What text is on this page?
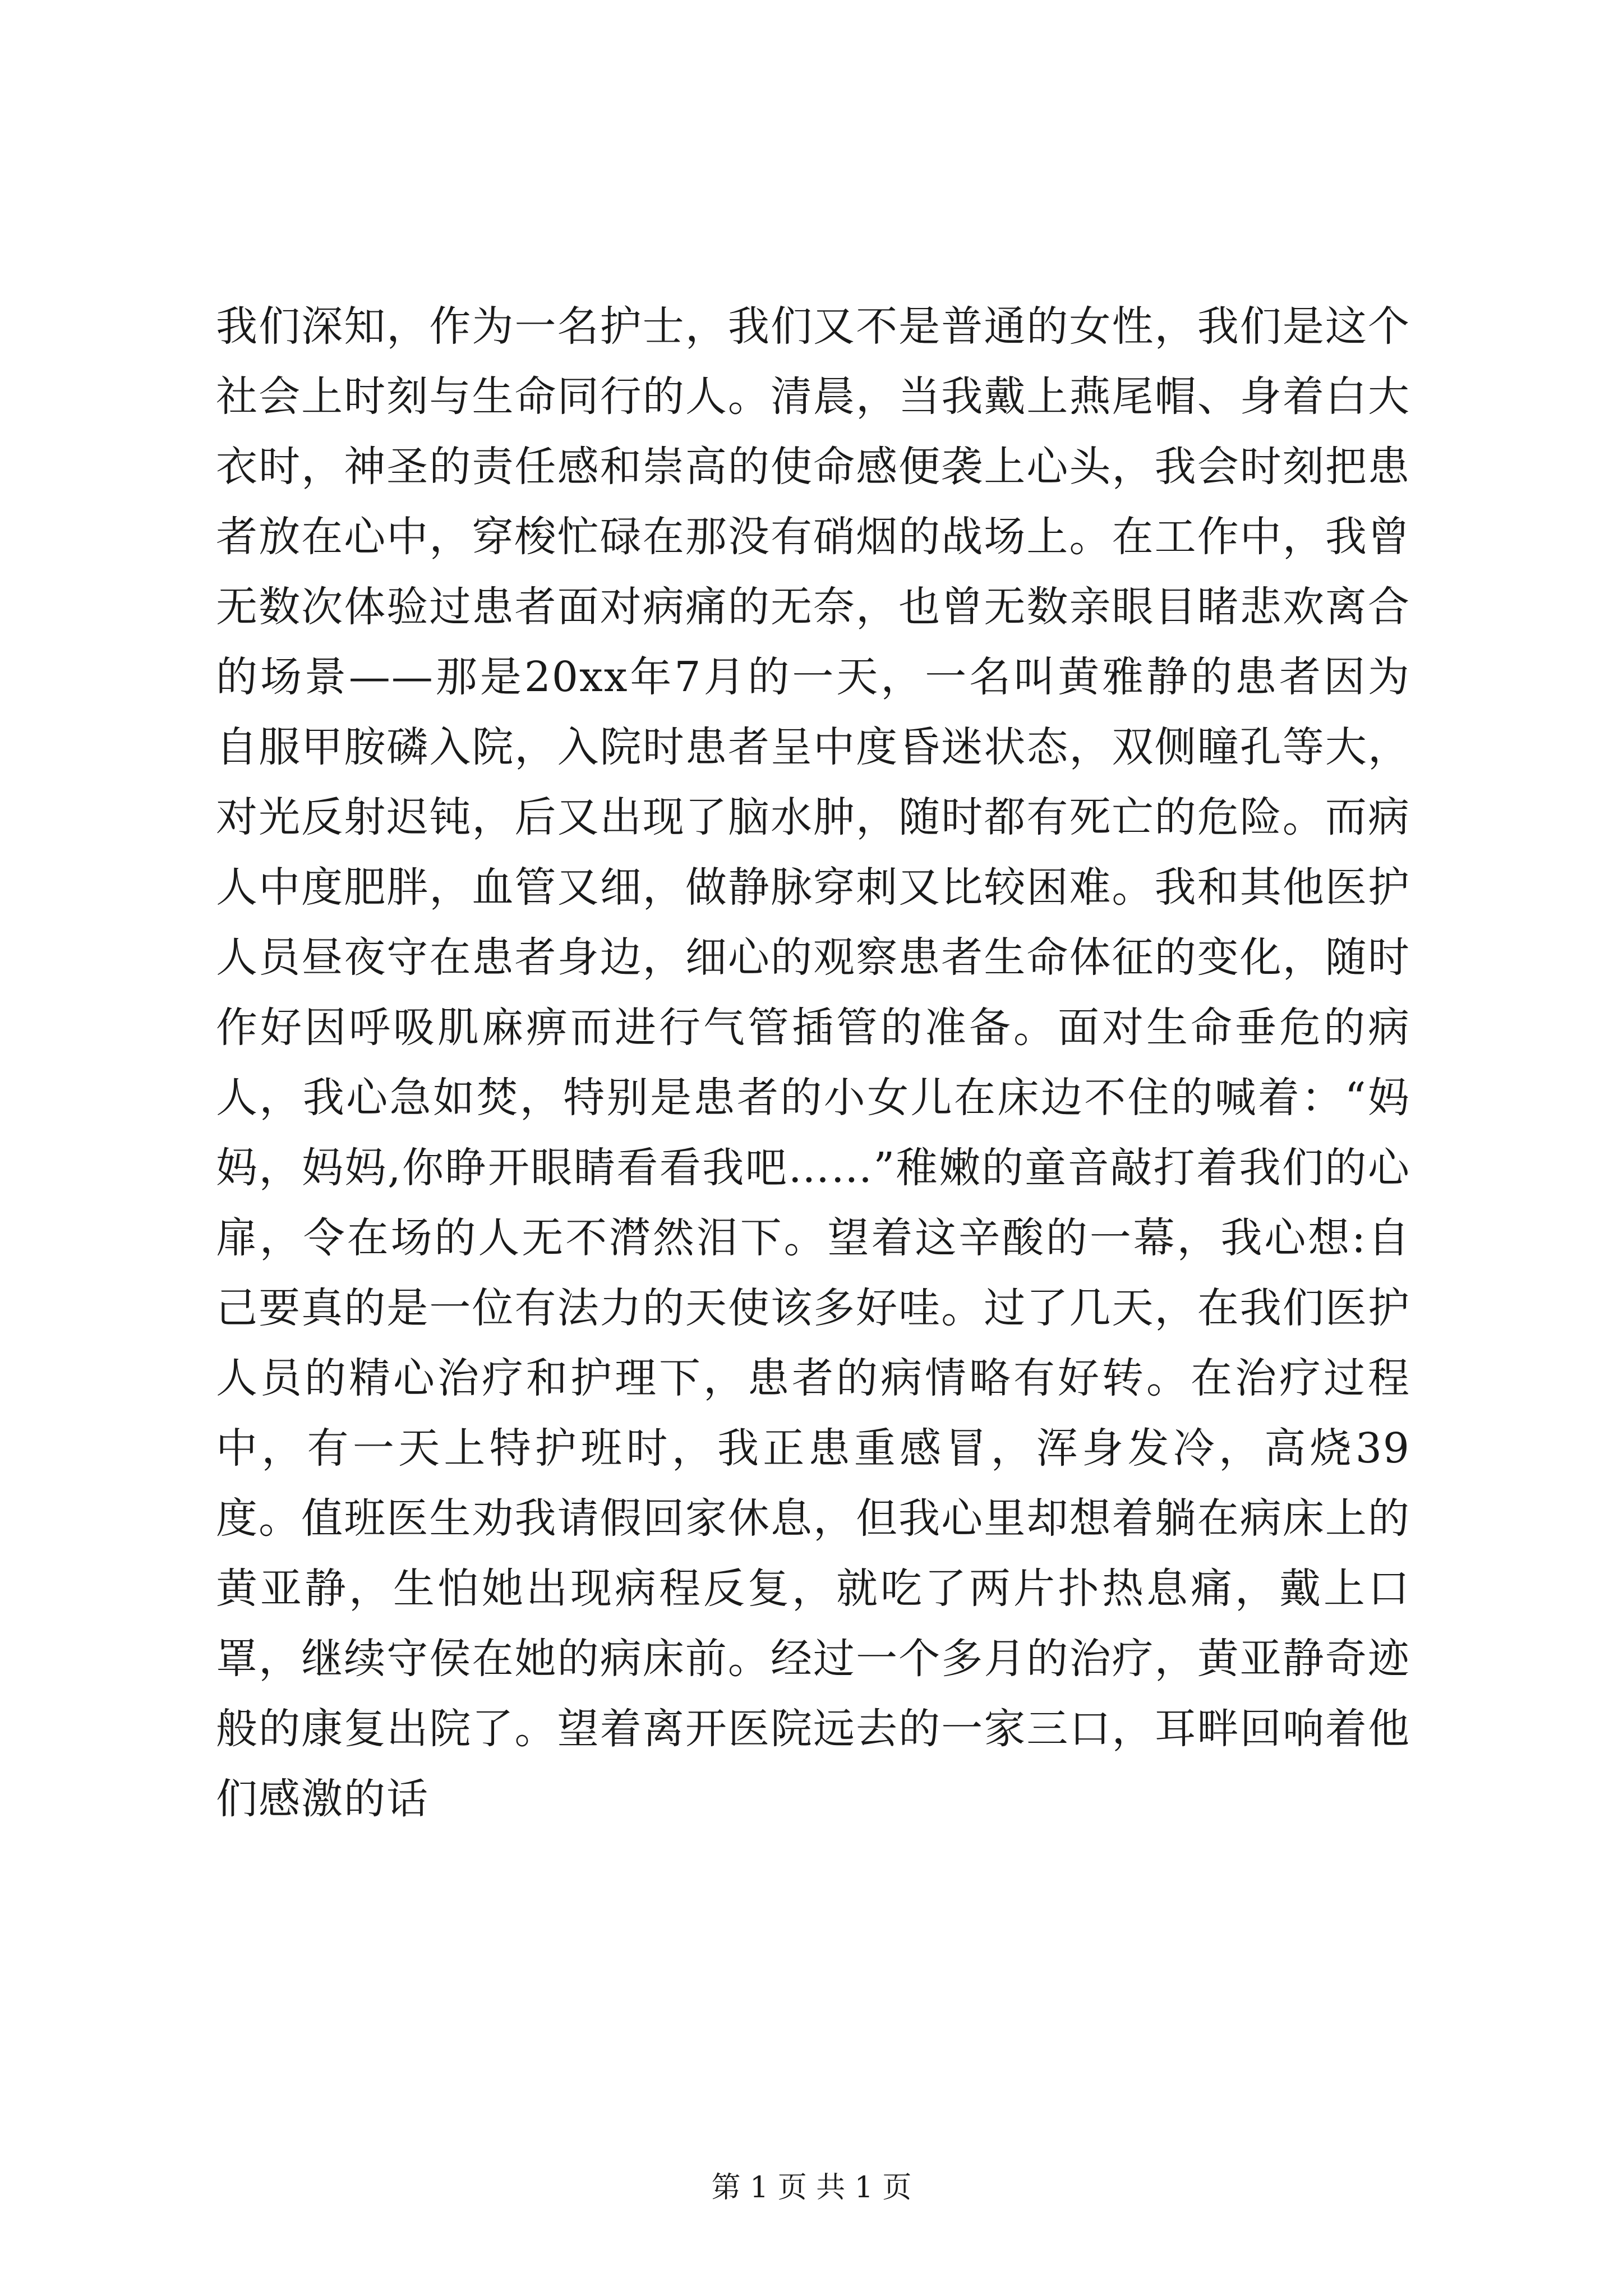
我们深知，作为一名护士，我们又不是普通的女性，我们是这个社会上时刻与生命同行的人。清晨，当我戴上燕尾帽、身着白大衣时，神圣的责任感和崇高的使命感便袭上心头，我会时刻把患者放在心中，穿梭忙碌在那没有硝烟的战场上。在工作中，我曾无数次体验过患者面对病痛的无奈，也曾无数亲眼目睹悲欢离合的场景——那是20xx年7月的一天，一名叫黄雅静的患者因为自服甲胺磷入院，入院时患者呈中度昏迷状态，双侧瞳孔等大，对光反射迟钝，后又出现了脑水肿，随时都有死亡的危险。而病人中度肥胖，血管又细，做静脉穿刺又比较困难。我和其他医护人员昼夜守在患者身边，细心的观察患者生命体征的变化，随时作好因呼吸肌麻痹而进行气管插管的准备。面对生命垂危的病人，我心急如焚，特别是患者的小女儿在床边不住的喊着：“妈妈，妈妈,你睁开眼睛看看我吧……”稚嫩的童音敲打着我们的心扉，令在场的人无不潸然泪下。望着这辛酸的一幕，我心想:自己要真的是一位有法力的天使该多好哇。过了几天，在我们医护人员的精心治疗和护理下，患者的病情略有好转。在治疗过程中，有一天上特护班时，我正患重感冒，浑身发冷，高烧39度。值班医生劝我请假回家休息，但我心里却想着躺在病床上的黄亚静，生怕她出现病程反复，就吃了两片扑热息痛，戴上口罩，继续守侯在她的病床前。经过一个多月的治疗，黄亚静奇迹般的康复出院了。望着离开医院远去的一家三口，耳畔回响着他们感激的话

第 1 页 共 1 页
